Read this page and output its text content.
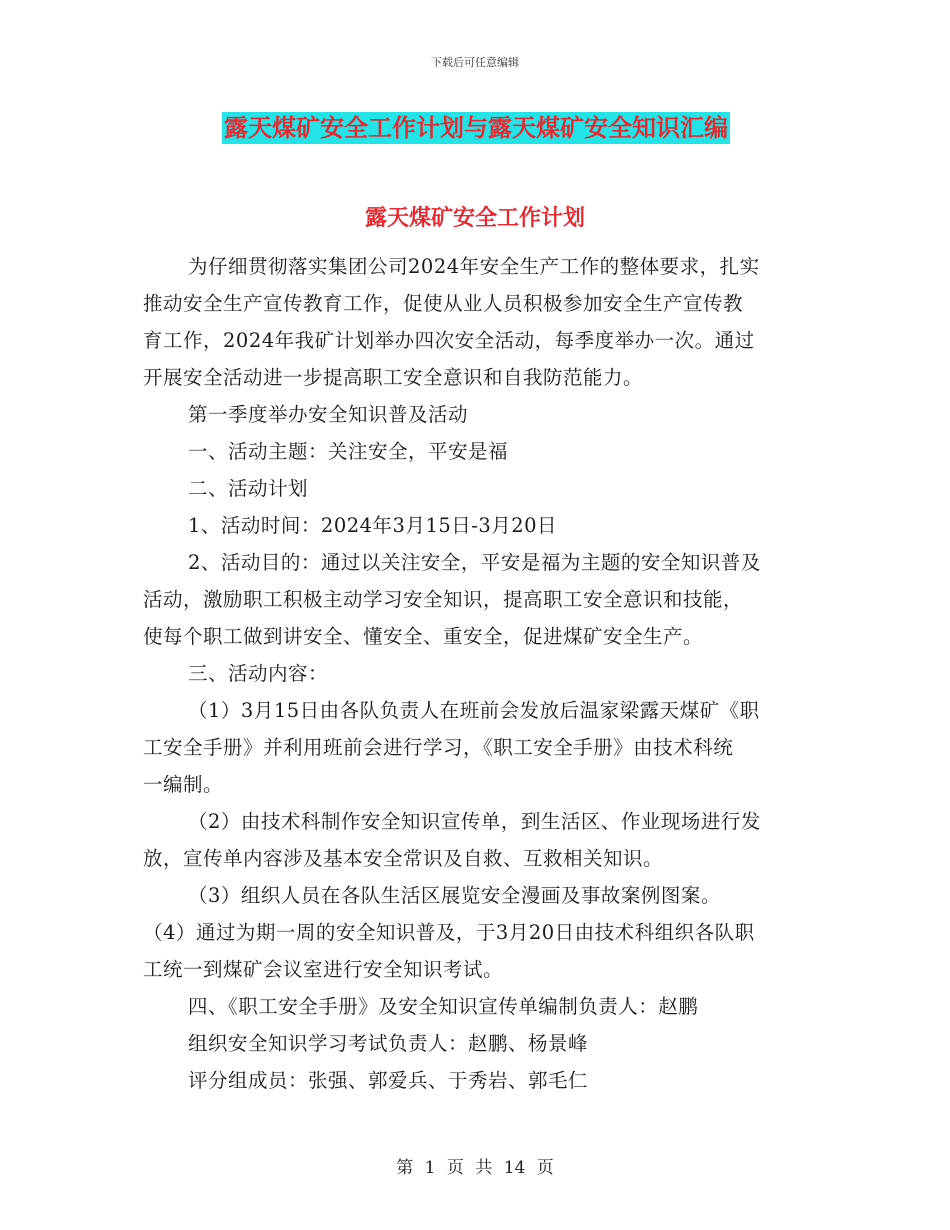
下载后可任意编辑
露天煤矿安全工作计划与露天煤矿安全知识汇编
露天煤矿安全工作计划
为仔细贯彻落实集团公司2024年安全生产工作的整体要求，扎实
推动安全生产宣传教育工作，促使从业人员积极参加安全生产宣传教
育工作，2024年我矿计划举办四次安全活动，每季度举办一次。通过
开展安全活动进一步提高职工安全意识和自我防范能力。
第一季度举办安全知识普及活动
一、活动主题：关注安全，平安是福
二、活动计划
1、活动时间：2024年3月15日-3月20日
2、活动目的：通过以关注安全，平安是福为主题的安全知识普及
活动，激励职工积极主动学习安全知识，提高职工安全意识和技能，
使每个职工做到讲安全、懂安全、重安全，促进煤矿安全生产。
三、活动内容：
（1）3月15日由各队负责人在班前会发放后温家梁露天煤矿《职
工安全手册》并利用班前会进行学习，《职工安全手册》由技术科统
一编制。
（2）由技术科制作安全知识宣传单，到生活区、作业现场进行发
放，宣传单内容涉及基本安全常识及自救、互救相关知识。
（3）组织人员在各队生活区展览安全漫画及事故案例图案。
（4）通过为期一周的安全知识普及，于3月20日由技术科组织各队职
工统一到煤矿会议室进行安全知识考试。
四、《职工安全手册》及安全知识宣传单编制负责人：赵鹏
组织安全知识学习考试负责人：赵鹏、杨景峰
评分组成员：张强、郭爱兵、于秀岩、郭毛仁
第 1 页 共 14 页
